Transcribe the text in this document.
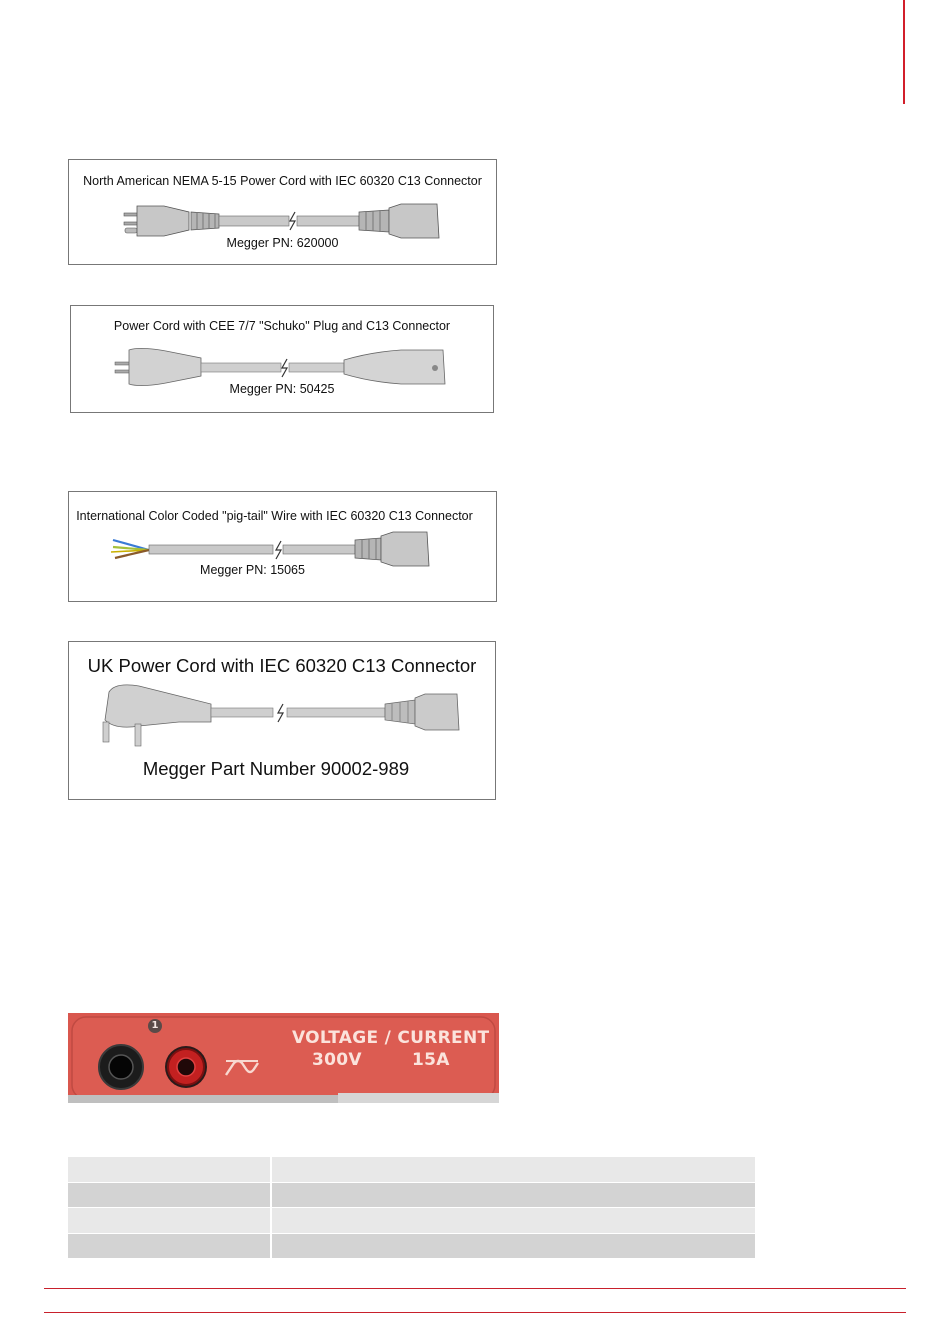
North American NEMA 5-15 Power Cord with IEC 60320 C13 Connector
Megger PN: 620000
Power Cord with CEE 7/7 "Schuko" Plug and C13 Connector
Megger PN: 50425
International Color Coded "pig-tail" Wire with IEC 60320 C13 Connector
Megger PN: 15065
UK Power Cord with IEC 60320 C13 Connector
Megger Part Number 90002-989
1
VOLTAGE / CURRENT
300V	15A
